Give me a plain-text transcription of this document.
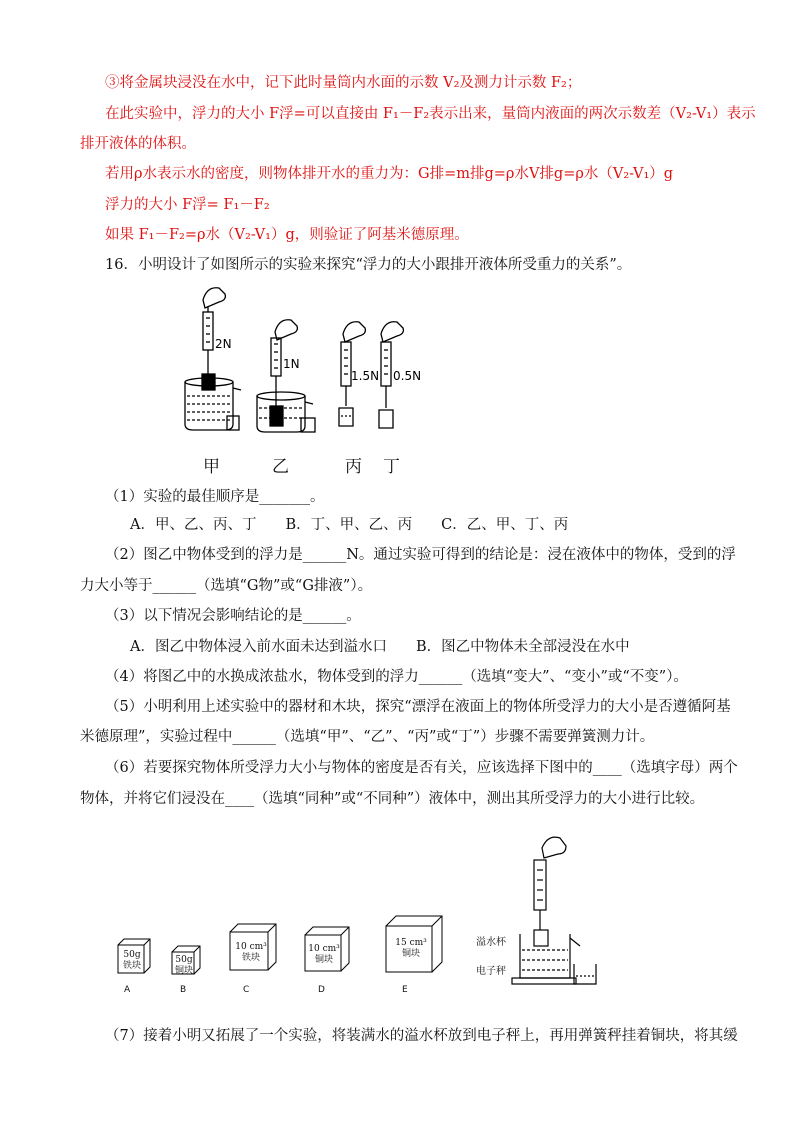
③将金属块浸没在水中，记下此时量筒内水面的示数 V₂及测力计示数 F₂；
在此实验中，浮力的大小 F浮=可以直接由 F₁－F₂表示出来，量筒内液面的两次示数差（V₂-V₁）表示
排开液体的体积。
若用ρ水表示水的密度，则物体排开水的重力为：G排=m排g=ρ水V排g=ρ水（V₂-V₁）g
浮力的大小 F浮= F₁－F₂
如果 F₁－F₂=ρ水（V₂-V₁）g，则验证了阿基米德原理。
16．小明设计了如图所示的实验来探究“浮力的大小跟排开液体所受重力的关系”。
2N
1N
1.5N 0.5N
甲	乙	丙 丁
（1）实验的最佳顺序是_______。
A．甲、乙、丙、丁　　B．丁、甲、乙、丙　　C．乙、甲、丁、丙
（2）图乙中物体受到的浮力是______N。通过实验可得到的结论是：浸在液体中的物体，受到的浮
力大小等于______（选填“G物”或“G排液”）。
（3）以下情况会影响结论的是______。
A．图乙中物体浸入前水面未达到溢水口　　B．图乙中物体未全部浸没在水中
（4）将图乙中的水换成浓盐水，物体受到的浮力______（选填“变大”、“变小”或“不变”）。
（5）小明利用上述实验中的器材和木块，探究“漂浮在液面上的物体所受浮力的大小是否遵循阿基
米德原理”，实验过程中______（选填“甲”、“乙”、“丙”或“丁”）步骤不需要弹簧测力计。
（6）若要探究物体所受浮力大小与物体的密度是否有关，应该选择下图中的____（选填字母）两个
物体，并将它们浸没在____（选填“同种”或“不同种”）液体中，测出其所受浮力的大小进行比较。
50g
铁块
50g
铜块
10 cm³
铁块
10 cm³
铜块
15 cm³
铜块
A	B	C	D	E
溢水杯
电子秤
（7）接着小明又拓展了一个实验，将装满水的溢水杯放到电子秤上，再用弹簧秤挂着铜块，将其缓
